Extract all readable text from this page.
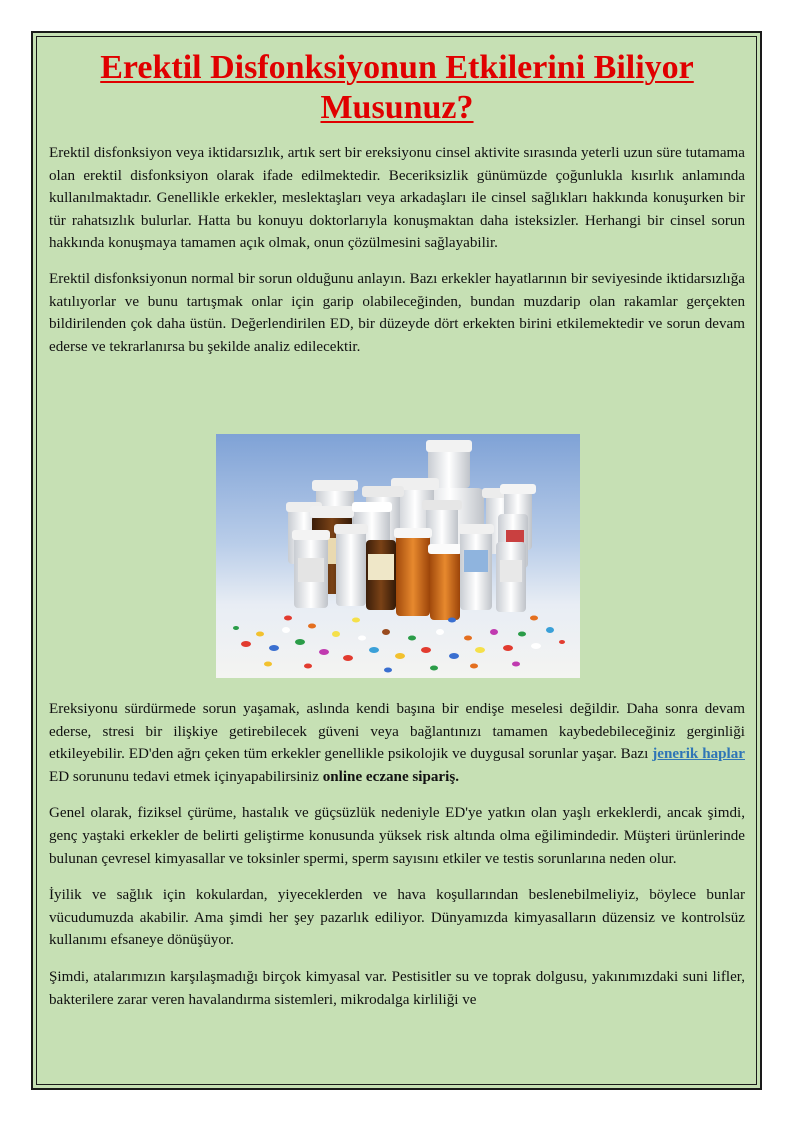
Erektil Disfonksiyonun Etkilerini Biliyor Musunuz?

Erektil disfonksiyon veya iktidarsızlık, artık sert bir ereksiyonu cinsel aktivite sırasında yeterli uzun süre tutamama olan erektil disfonksiyon olarak ifade edilmektedir. Beceriksizlik günümüzde çoğunlukla kısırlık anlamında kullanılmaktadır. Genellikle erkekler, meslektaşları veya arkadaşları ile cinsel sağlıkları hakkında konuşurken bir tür rahatsızlık bulurlar. Hatta bu konuyu doktorlarıyla konuşmaktan daha isteksizler. Herhangi bir cinsel sorun hakkında konuşmaya tamamen açık olmak, onun çözülmesini sağlayabilir.

Erektil disfonksiyonun normal bir sorun olduğunu anlayın. Bazı erkekler hayatlarının bir seviyesinde iktidarsızlığa katılıyorlar ve bunu tartışmak onlar için garip olabileceğinden, bundan muzdarip olan rakamlar gerçekten bildirilenden çok daha üstün. Değerlendirilen ED, bir düzeyde dört erkekten birini etkilemektedir ve sorun devam ederse ve tekrarlanırsa bu şekilde analiz edilecektir.

Ereksiyonu sürdürmede sorun yaşamak, aslında kendi başına bir endişe meselesi değildir. Daha sonra devam ederse, stresi bir ilişkiye getirebilecek güveni veya bağlantınızı tamamen kaybedebileceğiniz gerginliği etkileyebilir. ED'den ağrı çeken tüm erkekler genellikle psikolojik ve duygusal sorunlar yaşar. Bazı jenerik haplar ED sorununu tedavi etmek içinyapabilirsiniz online eczane sipariş.

Genel olarak, fiziksel çürüme, hastalık ve güçsüzlük nedeniyle ED'ye yatkın olan yaşlı erkeklerdi, ancak şimdi, genç yaştaki erkekler de belirti geliştirme konusunda yüksek risk altında olma eğilimindedir. Müşteri ürünlerinde bulunan çevresel kimyasallar ve toksinler spermi, sperm sayısını etkiler ve testis sorunlarına neden olur.

İyilik ve sağlık için kokulardan, yiyeceklerden ve hava koşullarından beslenebilmeliyiz, böylece bunlar vücudumuzda akabilir. Ama şimdi her şey pazarlık ediliyor. Dünyamızda kimyasalların düzensiz ve kontrolsüz kullanımı efsaneye dönüşüyor.

Şimdi, atalarımızın karşılaşmadığı birçok kimyasal var. Pestisitler su ve toprak dolgusu, yakınımızdaki suni lifler, bakterilere zarar veren havalandırma sistemleri, mikrodalga kirliliği ve
